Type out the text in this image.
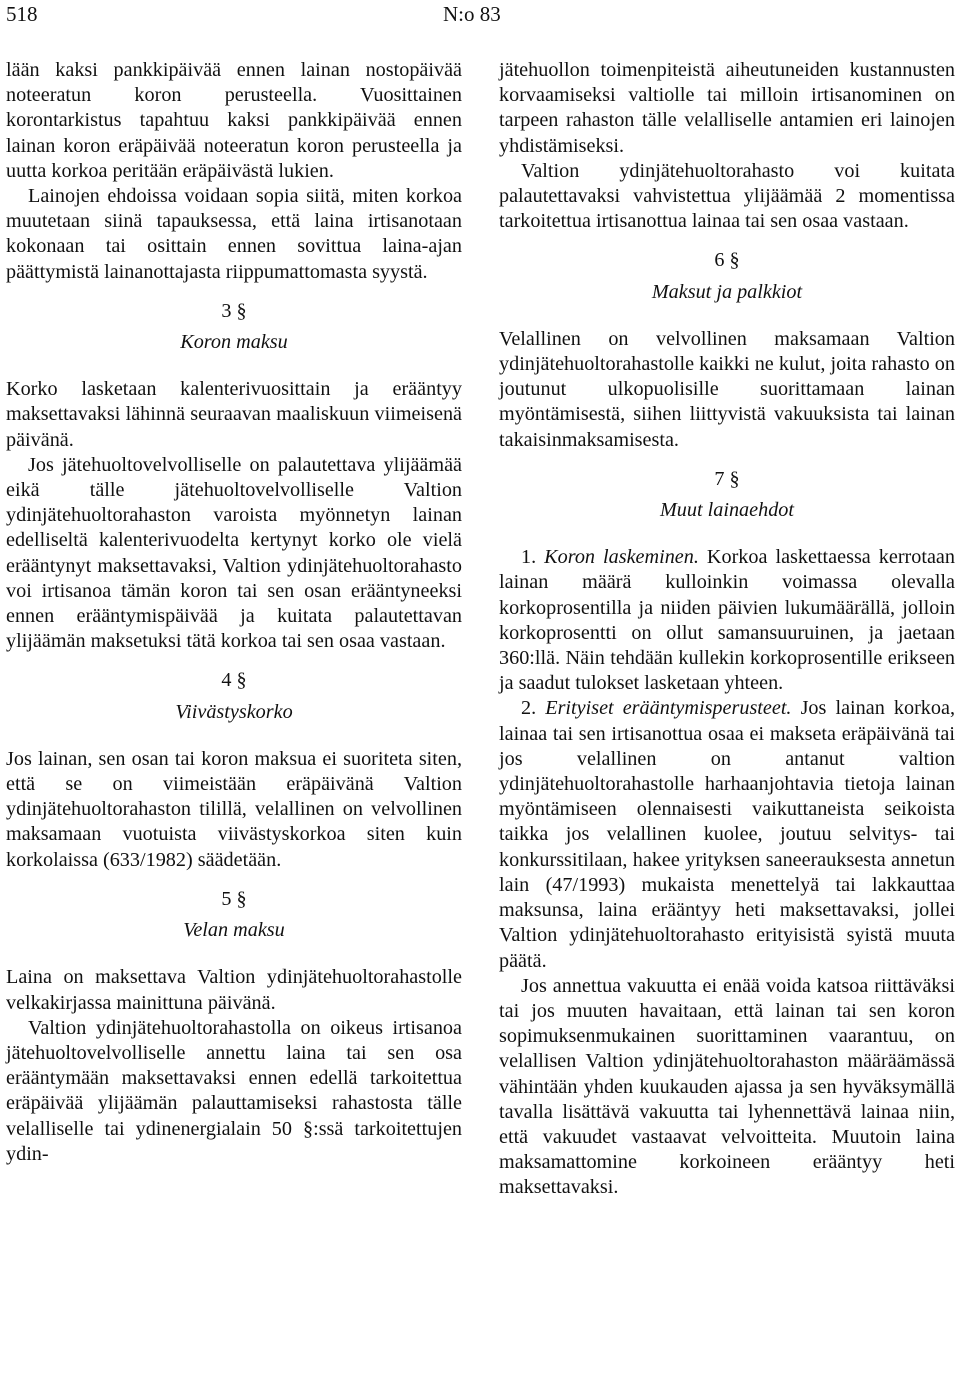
518	N:o 83

lään kaksi pankkipäivää ennen lainan nostopäivää noteeratun koron perusteella. Vuosittainen korontarkistus tapahtuu kaksi pankkipäivää ennen lainan koron eräpäivää noteeratun koron perusteella ja uutta korkoa peritään eräpäivästä lukien.

Lainojen ehdoissa voidaan sopia siitä, miten korkoa muutetaan siinä tapauksessa, että laina irtisanotaan kokonaan tai osittain ennen sovittua laina-ajan päättymistä lainanottajasta riippumattomasta syystä.

3 §
Koron maksu

Korko lasketaan kalenterivuosittain ja erääntyy maksettavaksi lähinnä seuraavan maaliskuun viimeisenä päivänä.

Jos jätehuoltovelvolliselle on palautettava ylijäämää eikä tälle jätehuoltovelvolliselle Valtion ydinjätehuoltorahaston varoista myönnetyn lainan edelliseltä kalenterivuodelta kertynyt korko ole vielä erääntynyt maksettavaksi, Valtion ydinjätehuoltorahasto voi irtisanoa tämän koron tai sen osan erääntyneeksi ennen erääntymispäivää ja kuitata palautettavan ylijäämän maksetuksi tätä korkoa tai sen osaa vastaan.

4 §
Viivästyskorko

Jos lainan, sen osan tai koron maksua ei suoriteta siten, että se on viimeistään eräpäivänä Valtion ydinjätehuoltorahaston tilillä, velallinen on velvollinen maksamaan vuotuista viivästyskorkoa siten kuin korkolaissa (633/1982) säädetään.

5 §
Velan maksu

Laina on maksettava Valtion ydinjätehuoltorahastolle velkakirjassa mainittuna päivänä.

Valtion ydinjätehuoltorahastolla on oikeus irtisanoa jätehuoltovelvolliselle annettu laina tai sen osa erääntymään maksettavaksi ennen edellä tarkoitettua eräpäivää ylijäämän palauttamiseksi rahastosta tälle velalliselle tai ydinenergialain 50 §:ssä tarkoitettujen ydin-

jätehuollon toimenpiteistä aiheutuneiden kustannusten korvaamiseksi valtiolle tai milloin irtisanominen on tarpeen rahaston tälle velalliselle antamien eri lainojen yhdistämiseksi.

Valtion ydinjätehuoltorahasto voi kuitata palautettavaksi vahvistettua ylijäämää 2 momentissa tarkoitettua irtisanottua lainaa tai sen osaa vastaan.

6 §
Maksut ja palkkiot

Velallinen on velvollinen maksamaan Valtion ydinjätehuoltorahastolle kaikki ne kulut, joita rahasto on joutunut ulkopuolisille suorittamaan lainan myöntämisestä, siihen liittyvistä vakuuksista tai lainan takaisinmaksamisesta.

7 §
Muut lainaehdot

1. Koron laskeminen. Korkoa laskettaessa kerrotaan lainan määrä kulloinkin voimassa olevalla korkoprosentilla ja niiden päivien lukumäärällä, jolloin korkoprosentti on ollut samansuuruinen, ja jaetaan 360:llä. Näin tehdään kullekin korkoprosentille erikseen ja saadut tulokset lasketaan yhteen.

2. Erityiset erääntymisperusteet. Jos lainan korkoa, lainaa tai sen irtisanottua osaa ei makseta eräpäivänä tai jos velallinen on antanut valtion ydinjätehuoltorahastolle harhaanjohtavia tietoja lainan myöntämiseen olennaisesti vaikuttaneista seikoista taikka jos velallinen kuolee, joutuu selvitys- tai konkurssitilaan, hakee yrityksen saneerauksesta annetun lain (47/1993) mukaista menettelyä tai lakkauttaa maksunsa, laina erääntyy heti maksettavaksi, jollei Valtion ydinjätehuoltorahasto erityisistä syistä muuta päätä.

Jos annettua vakuutta ei enää voida katsoa riittäväksi tai jos muuten havaitaan, että lainan tai sen koron sopimuksenmukainen suorittaminen vaarantuu, on velallisen Valtion ydinjätehuoltorahaston määräämässä vähintään yhden kuukauden ajassa ja sen hyväksymällä tavalla lisättävä vakuutta tai lyhennettävä lainaa niin, että vakuudet vastaavat velvoitteita. Muutoin laina maksamattomine korkoineen erääntyy heti maksettavaksi.
